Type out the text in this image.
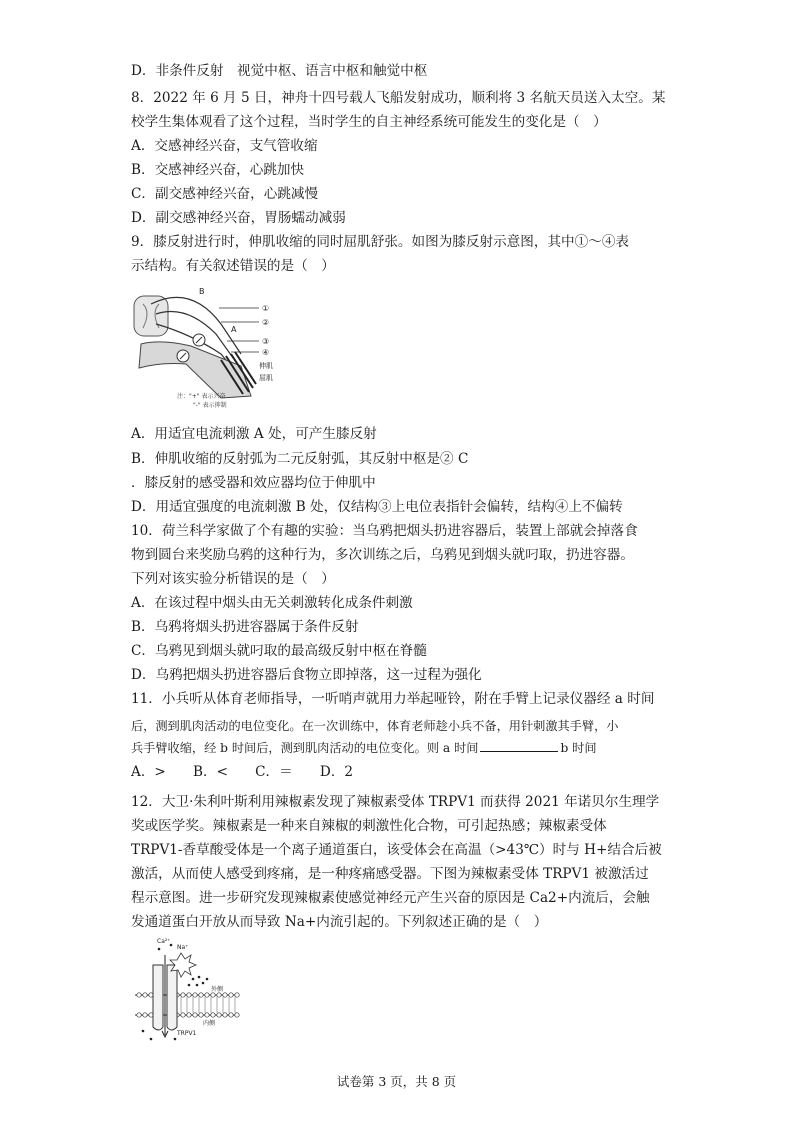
D．非条件反射　视觉中枢、语言中枢和触觉中枢
8．2022 年 6 月 5 日，神舟十四号载人飞船发射成功，顺利将 3 名航天员送入太空。某
校学生集体观看了这个过程，当时学生的自主神经系统可能发生的变化是（　）
A．交感神经兴奋，支气管收缩
B．交感神经兴奋，心跳加快
C．副交感神经兴奋，心跳减慢
D．副交感神经兴奋，胃肠蠕动减弱
9．膝反射进行时，伸肌收缩的同时屈肌舒张。如图为膝反射示意图，其中①～④表
示结构。有关叙述错误的是（　）
B
A
①
②
③
④
伸肌
屈肌
注："+" 表示兴奋
"-" 表示抑制
A．用适宜电流刺激 A 处，可产生膝反射
B．伸肌收缩的反射弧为二元反射弧，其反射中枢是② C
．膝反射的感受器和效应器均位于伸肌中
D．用适宜强度的电流刺激 B 处，仅结构③上电位表指针会偏转，结构④上不偏转
10．荷兰科学家做了个有趣的实验：当乌鸦把烟头扔进容器后，装置上部就会掉落食
物到圆台来奖励乌鸦的这种行为，多次训练之后，乌鸦见到烟头就叼取，扔进容器。
下列对该实验分析错误的是（　）
A．在该过程中烟头由无关刺激转化成条件刺激
B．乌鸦将烟头扔进容器属于条件反射
C．乌鸦见到烟头就叼取的最高级反射中枢在脊髓
D．乌鸦把烟头扔进容器后食物立即掉落，这一过程为强化
11．小兵听从体育老师指导，一听哨声就用力举起哑铃，附在手臂上记录仪器经 a 时间
后，测到肌肉活动的电位变化。在一次训练中，体育老师趁小兵不备，用针刺激其手臂，小
兵手臂收缩，经 b 时间后，测到肌肉活动的电位变化。则 a 时间	b 时间
A．>　　B．<　　C．＝　　D．2
12．大卫·朱利叶斯利用辣椒素发现了辣椒素受体 TRPV1 而获得 2021 年诺贝尔生理学
奖或医学奖。辣椒素是一种来自辣椒的刺激性化合物，可引起热感；辣椒素受体
TRPV1-香草酸受体是一个离子通道蛋白，该受体会在高温（>43℃）时与 H+结合后被
激活，从而使人感受到疼痛，是一种疼痛感受器。下图为辣椒素受体 TRPV1 被激活过
程示意图。进一步研究发现辣椒素使感觉神经元产生兴奋的原因是 Ca2+内流后，会触
发通道蛋白开放从而导致 Na+内流引起的。下列叙述正确的是（　）
Ca²⁺
Na⁺
外侧
内侧
TRPV1
试卷第 3 页，共 8 页
